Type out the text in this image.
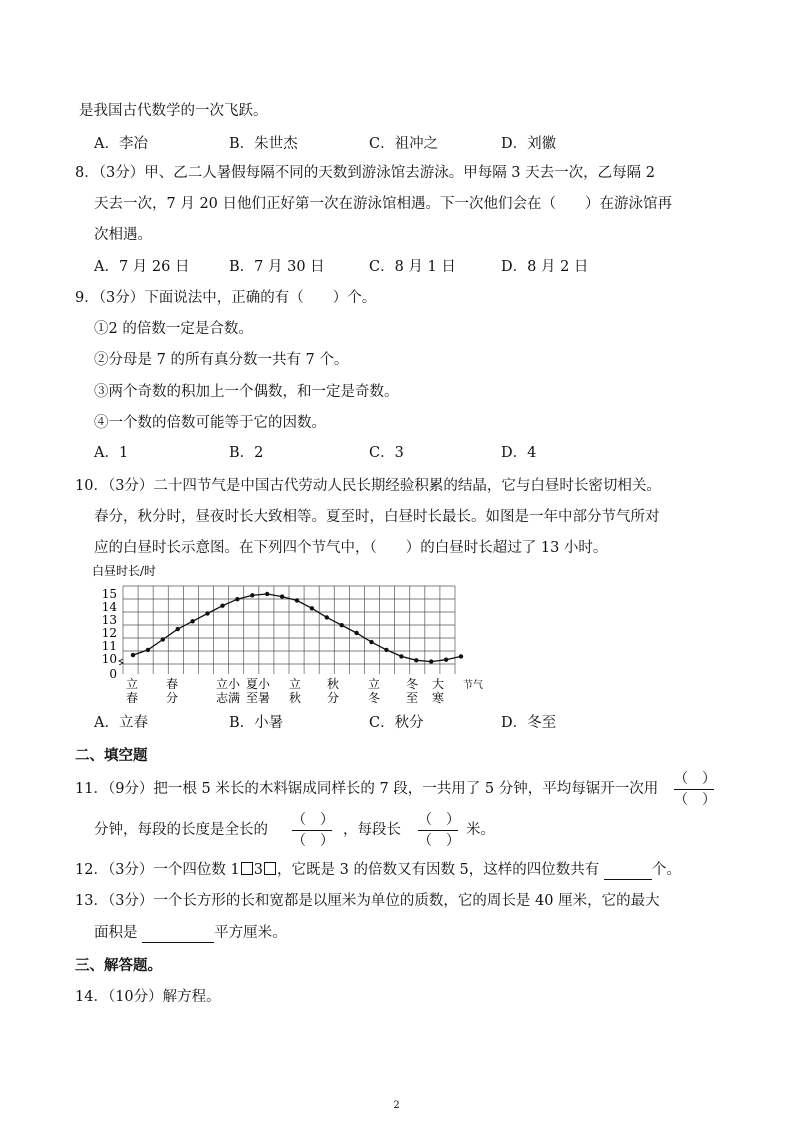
是我国古代数学的一次飞跃。
A．李冶	B．朱世杰	C．祖冲之	D．刘徽
8．（3分）甲、乙二人暑假每隔不同的天数到游泳馆去游泳。甲每隔 3 天去一次，乙每隔 2
天去一次，7 月 20 日他们正好第一次在游泳馆相遇。下一次他们会在（　　）在游泳馆再
次相遇。
A．7 月 26 日	B．7 月 30 日	C．8 月 1 日	D．8 月 2 日
9．（3分）下面说法中，正确的有（　　）个。
①2 的倍数一定是合数。
②分母是 7 的所有真分数一共有 7 个。
③两个奇数的积加上一个偶数，和一定是奇数。
④一个数的倍数可能等于它的因数。
A．1	B．2	C．3	D．4
10．（3分）二十四节气是中国古代劳动人民长期经验积累的结晶，它与白昼时长密切相关。
春分，秋分时，昼夜时长大致相等。夏至时，白昼时长最长。如图是一年中部分节气所对
应的白昼时长示意图。在下列四个节气中，（　　）的白昼时长超过了 13 小时。
白昼时长/时
15
14
13
12
11
10
0
立 春	立小 夏小 立 秋 立 冬 大
春 分	志满 至暑 秋 分 冬 至 寒
节气
A．立春	B．小暑	C．秋分	D．冬至
二、填空题
11．（9分）把一根 5 米长的木料锯成同样长的 7 段，一共用了 5 分钟，平均每锯开一次用
（　）
（　）
分钟，每段的长度是全长的
（　）
（　）
，每段长
（　）
（　）
米。
12．（3分）一个四位数 1 3 ，它既是 3 的倍数又有因数 5，这样的四位数共有	个。
13．（3分）一个长方形的长和宽都是以厘米为单位的质数，它的周长是 40 厘米，它的最大
面积是	平方厘米。
三、解答题。
14．（10分）解方程。
2
